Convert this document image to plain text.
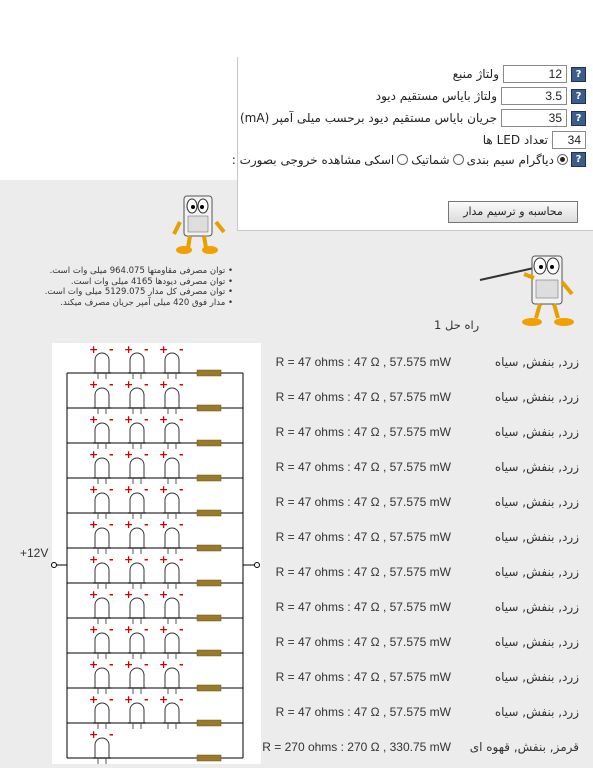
ولتاژ منبع	12	?
ولتاژ بایاس مستقیم دیود	3.5	?
جریان بایاس مستقیم دیود برحسب میلی آمپر (mA)	35	?
تعداد LED ها	34
مشاهده خروجی بصورت : اسکی شماتیک دیاگرام سیم بندی	?
محاسبه و ترسیم مدار
• توان مصرفی مقاومتها 964.075 میلی وات است.
• توان مصرفی دیودها 4165 میلی وات است.
• توان مصرفی کل مدار 5129.075 میلی وات است.
• مدار فوق 420 میلی آمپر جریان مصرف میکند.
راه حل 1
+ - + - + -
+ - + - + -
+ - + - + -
+ - + - + -
+ - + - + -
+ - + - + -
+ - + - + -
+ - + - + -
+ - + - + -
+ - + - + -
+ - + - + -
+ -
+12V
R = 47 ohms : 47 Ω , 57.575 mW	زرد, بنفش, سیاه
R = 47 ohms : 47 Ω , 57.575 mW	زرد, بنفش, سیاه
R = 47 ohms : 47 Ω , 57.575 mW	زرد, بنفش, سیاه
R = 47 ohms : 47 Ω , 57.575 mW	زرد, بنفش, سیاه
R = 47 ohms : 47 Ω , 57.575 mW	زرد, بنفش, سیاه
R = 47 ohms : 47 Ω , 57.575 mW	زرد, بنفش, سیاه
R = 47 ohms : 47 Ω , 57.575 mW	زرد, بنفش, سیاه
R = 47 ohms : 47 Ω , 57.575 mW	زرد, بنفش, سیاه
R = 47 ohms : 47 Ω , 57.575 mW	زرد, بنفش, سیاه
R = 47 ohms : 47 Ω , 57.575 mW	زرد, بنفش, سیاه
R = 47 ohms : 47 Ω , 57.575 mW	زرد, بنفش, سیاه
R = 270 ohms : 270 Ω , 330.75 mW قرمز, بنفش, قهوه ای
